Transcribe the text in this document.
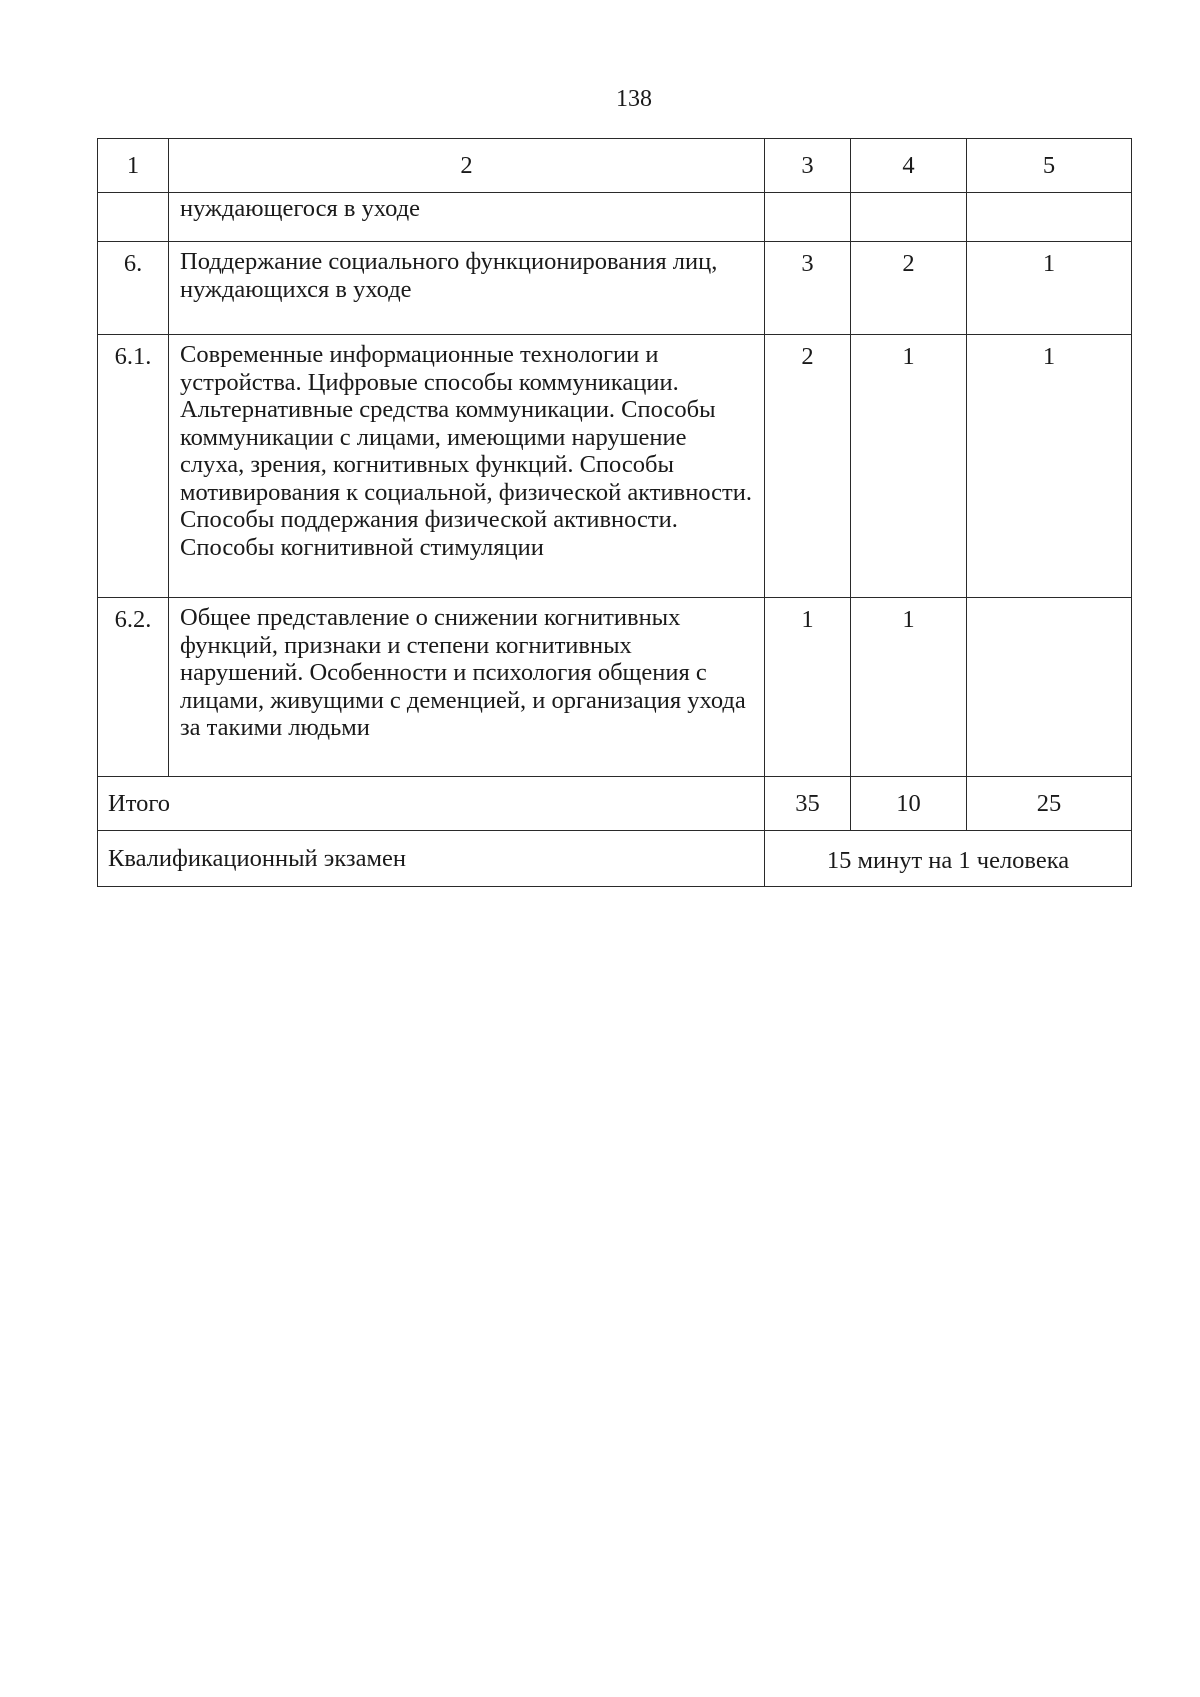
138
1	2	3	4	5
	нуждающегося в уходе			
6.	Поддержание социального функционирования лиц, нуждающихся в уходе	3	2	1
6.1.	Современные информационные технологии и устройства. Цифровые способы коммуникации. Альтернативные средства коммуникации. Способы коммуникации с лицами, имеющими нарушение слуха, зрения, когнитивных функций. Способы мотивирования к социальной, физической активности. Способы поддержания физической активности. Способы когнитивной стимуляции	2	1	1
6.2.	Общее представление о снижении когнитивных функций, признаки и степени когнитивных нарушений. Особенности и психология общения с лицами, живущими с деменцией, и организация ухода за такими людьми	1	1	
Итого		35	10	25
Квалификационный экзамен		15 минут на 1 человека		
